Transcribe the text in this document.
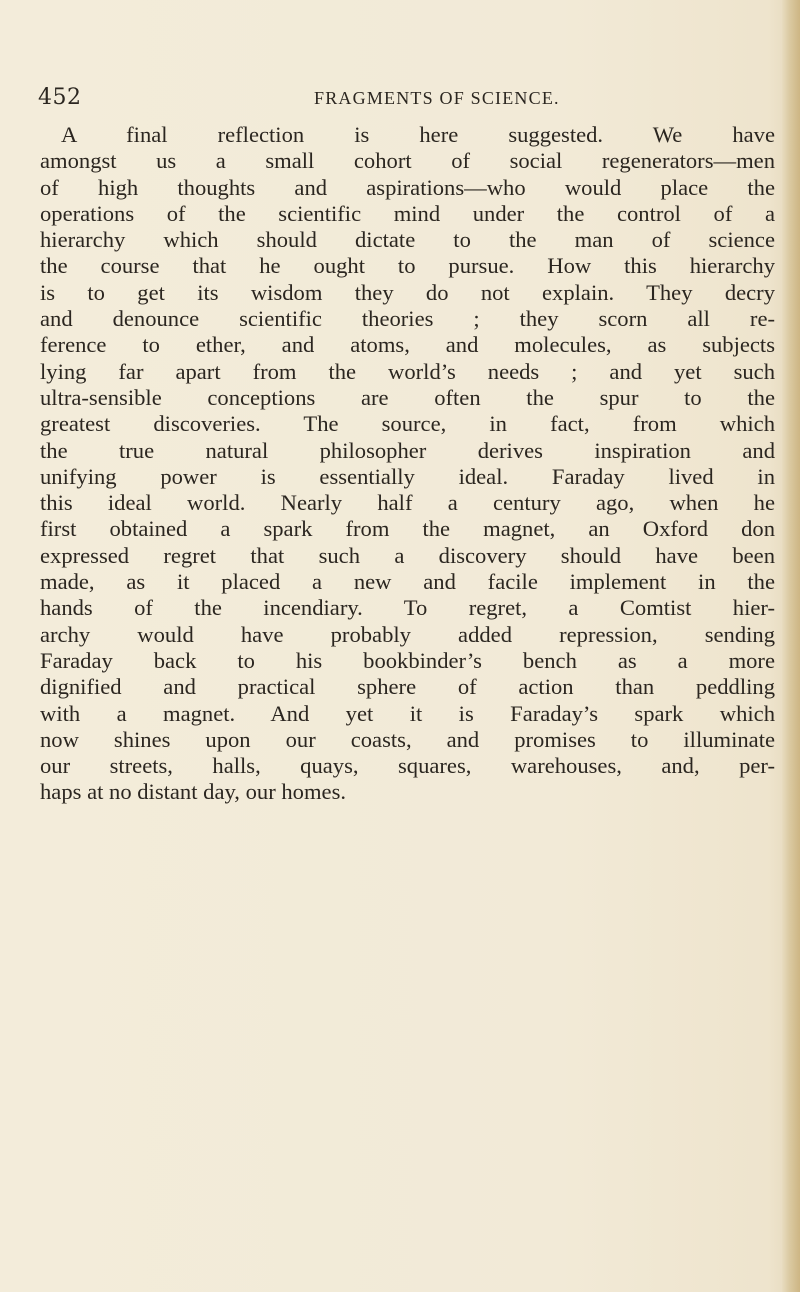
452	FRAGMENTS OF SCIENCE.
A final reflection is here suggested. We have
amongst us a small cohort of social regenerators—men
of high thoughts and aspirations—who would place the
operations of the scientific mind under the control of a
hierarchy which should dictate to the man of science
the course that he ought to pursue. How this hierarchy
is to get its wisdom they do not explain. They decry
and denounce scientific theories ; they scorn all re-
ference to ether, and atoms, and molecules, as subjects
lying far apart from the world’s needs ; and yet such
ultra-sensible conceptions are often the spur to the
greatest discoveries. The source, in fact, from which
the true natural philosopher derives inspiration and
unifying power is essentially ideal. Faraday lived in
this ideal world. Nearly half a century ago, when he
first obtained a spark from the magnet, an Oxford don
expressed regret that such a discovery should have been
made, as it placed a new and facile implement in the
hands of the incendiary. To regret, a Comtist hier-
archy would have probably added repression, sending
Faraday back to his bookbinder’s bench as a more
dignified and practical sphere of action than peddling
with a magnet. And yet it is Faraday’s spark which
now shines upon our coasts, and promises to illuminate
our streets, halls, quays, squares, warehouses, and, per-
haps at no distant day, our homes.
